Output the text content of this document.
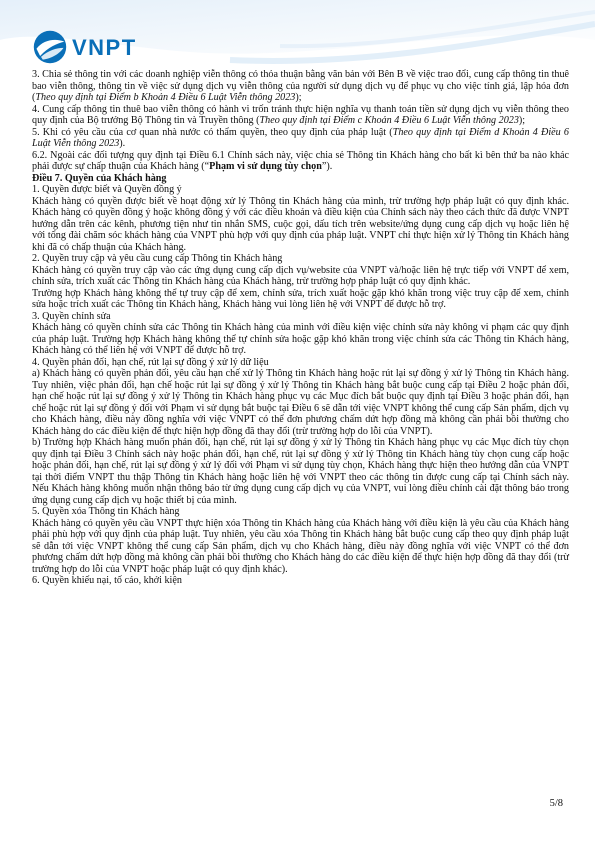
VNPT

3. Chia sẻ thông tin với các doanh nghiệp viễn thông có thỏa thuận bằng văn bản với Bên B về việc trao đổi, cung cấp thông tin thuê bao viễn thông, thông tin về việc sử dụng dịch vụ viễn thông của người sử dụng dịch vụ để phục vụ cho việc tính giá, lập hóa đơn (Theo quy định tại Điểm b Khoản 4 Điều 6 Luật Viễn thông 2023);

4. Cung cấp thông tin thuê bao viễn thông có hành vi trốn tránh thực hiện nghĩa vụ thanh toán tiền sử dụng dịch vụ viễn thông theo quy định của Bộ trưởng Bộ Thông tin và Truyền thông (Theo quy định tại Điểm c Khoản 4 Điều 6 Luật Viễn thông 2023);

5. Khi có yêu cầu của cơ quan nhà nước có thẩm quyền, theo quy định của pháp luật (Theo quy định tại Điểm d Khoản 4 Điều 6 Luật Viễn thông 2023).

6.2. Ngoài các đối tượng quy định tại Điều 6.1 Chính sách này, việc chia sẻ Thông tin Khách hàng cho bất kì bên thứ ba nào khác phải được sự chấp thuận của Khách hàng (“Phạm vi sử dụng tùy chọn”).

Điều 7. Quyền của Khách hàng

1. Quyền được biết và Quyền đồng ý

Khách hàng có quyền được biết về hoạt động xử lý Thông tin Khách hàng của mình, trừ trường hợp pháp luật có quy định khác. Khách hàng có quyền đồng ý hoặc không đồng ý với các điều khoản và điều kiện của Chính sách này theo cách thức đã được VNPT hướng dẫn trên các kênh, phương tiện như tin nhắn SMS, cuộc gọi, dấu tích trên website/ứng dụng cung cấp dịch vụ hoặc liên hệ với tổng đài chăm sóc khách hàng của VNPT phù hợp với quy định của pháp luật. VNPT chỉ thực hiện xử lý Thông tin Khách hàng khi đã có chấp thuận của Khách hàng.

2. Quyền truy cập và yêu cầu cung cấp Thông tin Khách hàng

Khách hàng có quyền truy cập vào các ứng dụng cung cấp dịch vụ/website của VNPT và/hoặc liên hệ trực tiếp với VNPT để xem, chỉnh sửa, trích xuất các Thông tin Khách hàng của Khách hàng, trừ trường hợp pháp luật có quy định khác.

Trường hợp Khách hàng không thể tự truy cập để xem, chỉnh sửa, trích xuất hoặc gặp khó khăn trong việc truy cập để xem, chỉnh sửa hoặc trích xuất các Thông tin Khách hàng, Khách hàng vui lòng liên hệ với VNPT để được hỗ trợ.

3. Quyền chỉnh sửa

Khách hàng có quyền chỉnh sửa các Thông tin Khách hàng của mình với điều kiện việc chỉnh sửa này không vi phạm các quy định của pháp luật. Trường hợp Khách hàng không thể tự chỉnh sửa hoặc gặp khó khăn trong việc chỉnh sửa các Thông tin Khách hàng, Khách hàng có thể liên hệ với VNPT để được hỗ trợ.

4. Quyền phản đối, hạn chế, rút lại sự đồng ý xử lý dữ liệu

a) Khách hàng có quyền phản đối, yêu cầu hạn chế xử lý Thông tin Khách hàng hoặc rút lại sự đồng ý xử lý Thông tin Khách hàng. Tuy nhiên, việc phản đối, hạn chế hoặc rút lại sự đồng ý xử lý Thông tin Khách hàng bắt buộc cung cấp tại Điều 2 hoặc phản đối, hạn chế hoặc rút lại sự đồng ý xử lý Thông tin Khách hàng phục vụ các Mục đích bắt buộc quy định tại Điều 3 hoặc phản đối, hạn chế hoặc rút lại sự đồng ý đối với Phạm vi sử dụng bắt buộc tại Điều 6 sẽ dẫn tới việc VNPT không thể cung cấp Sản phẩm, dịch vụ cho Khách hàng, điều này đồng nghĩa với việc VNPT có thể đơn phương chấm dứt hợp đồng mà không cần phải bồi thường cho Khách hàng do các điều kiện để thực hiện hợp đồng đã thay đổi (trừ trường hợp do lỗi của VNPT).

b) Trường hợp Khách hàng muốn phản đối, hạn chế, rút lại sự đồng ý xử lý Thông tin Khách hàng phục vụ các Mục đích tùy chọn quy định tại Điều 3 Chính sách này hoặc phản đối, hạn chế, rút lại sự đồng ý xử lý Thông tin Khách hàng tùy chọn cung cấp hoặc hoặc phản đối, hạn chế, rút lại sự đồng ý xử lý đối với Phạm vi sử dụng tùy chọn, Khách hàng thực hiện theo hướng dẫn của VNPT tại thời điểm VNPT thu thập Thông tin Khách hàng hoặc liên hệ với VNPT theo các thông tin được cung cấp tại Chính sách này. Nếu Khách hàng không muốn nhận thông báo từ ứng dụng cung cấp dịch vụ của VNPT, vui lòng điều chỉnh cài đặt thông báo trong ứng dụng cung cấp dịch vụ hoặc thiết bị của mình.

5. Quyền xóa Thông tin Khách hàng

Khách hàng có quyền yêu cầu VNPT thực hiện xóa Thông tin Khách hàng của Khách hàng với điều kiện là yêu cầu của Khách hàng phải phù hợp với quy định của pháp luật. Tuy nhiên, yêu cầu xóa Thông tin Khách hàng bắt buộc cung cấp theo quy định pháp luật sẽ dẫn tới việc VNPT không thể cung cấp Sản phẩm, dịch vụ cho Khách hàng, điều này đồng nghĩa với việc VNPT có thể đơn phương chấm dứt hợp đồng mà không cần phải bồi thường cho Khách hàng do các điều kiện để thực hiện hợp đồng đã thay đổi (trừ trường hợp do lỗi của VNPT hoặc pháp luật có quy định khác).

6. Quyền khiếu nại, tố cáo, khởi kiện

5/8
